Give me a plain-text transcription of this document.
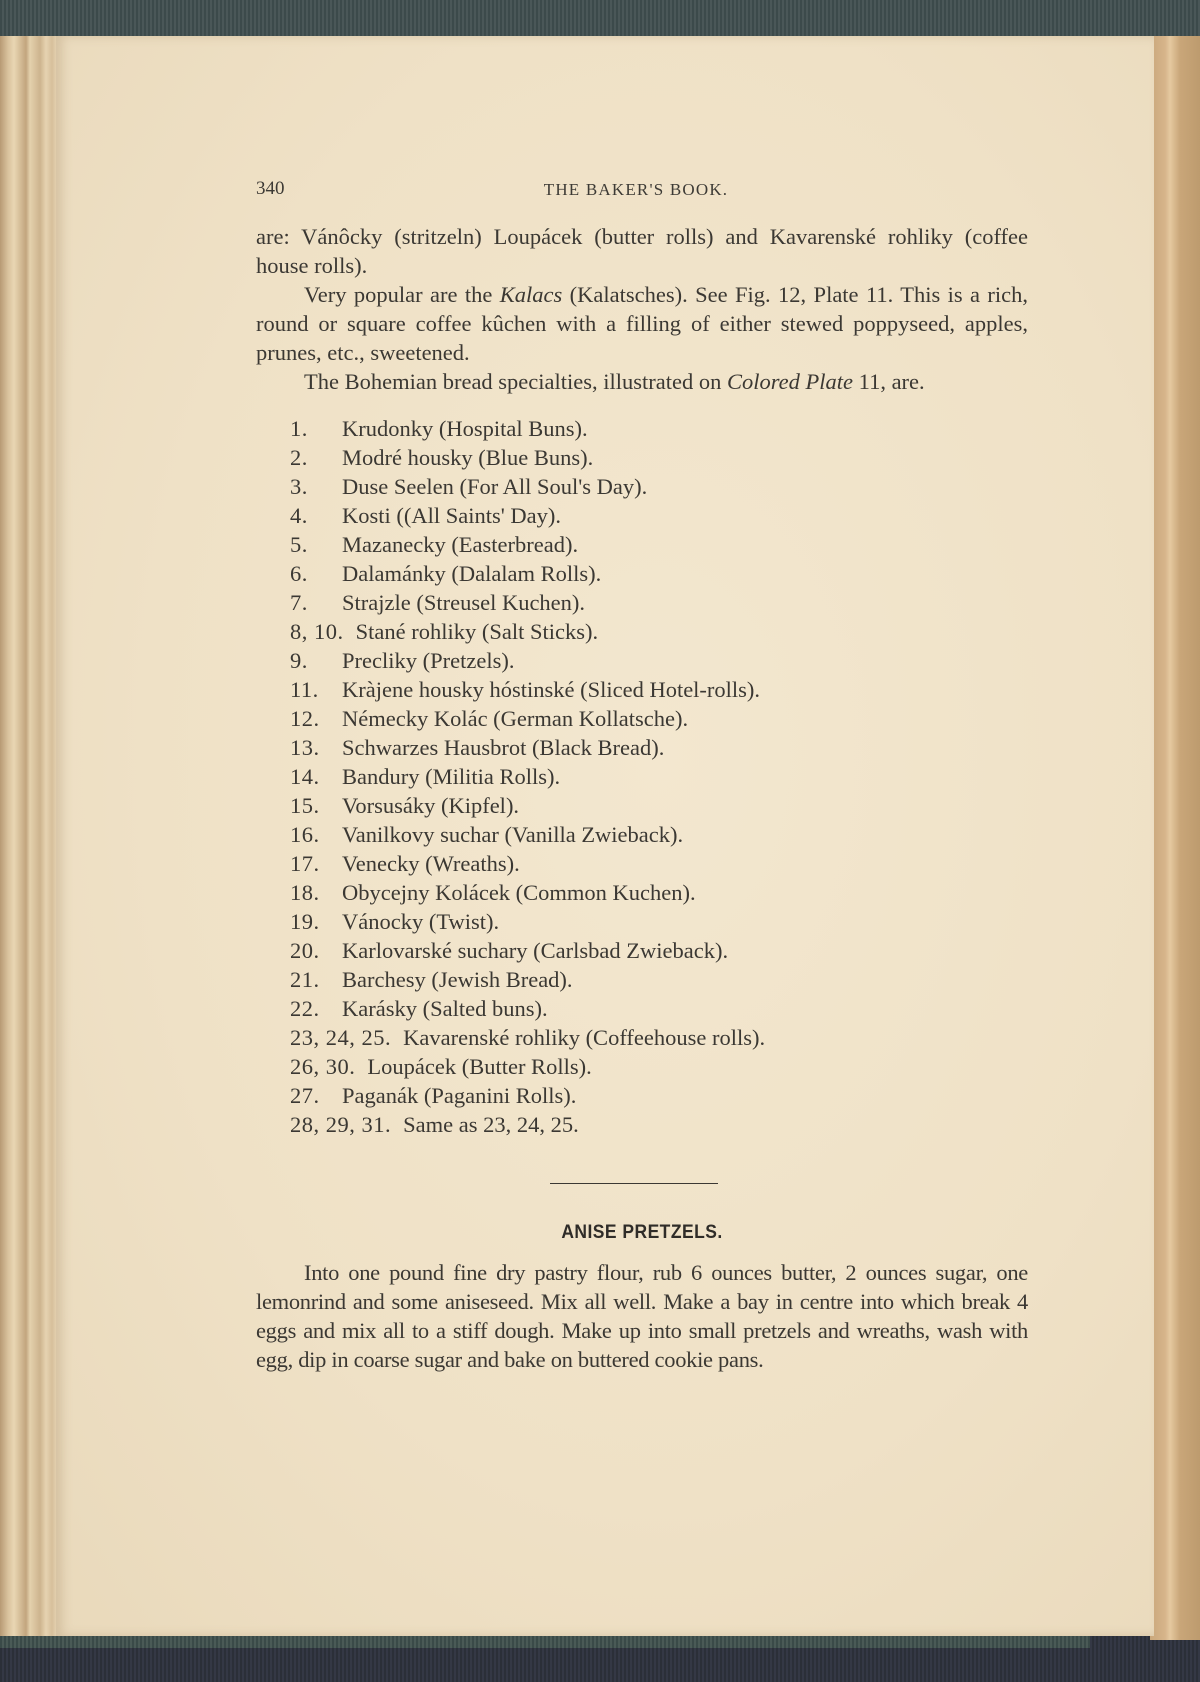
340	THE BAKER'S BOOK.
are: Vánôcky (stritzeln) Loupácek (butter rolls) and Kavarenské rohliky (coffee house rolls).
Very popular are the Kalacs (Kalatsches). See Fig. 12, Plate 11. This is a rich, round or square coffee kûchen with a filling of either stewed poppyseed, apples, prunes, etc., sweetened.
The Bohemian bread specialties, illustrated on Colored Plate 11, are.
1. Krudonky (Hospital Buns).
2. Modré housky (Blue Buns).
3. Duse Seelen (For All Soul's Day).
4. Kosti ((All Saints' Day).
5. Mazanecky (Easterbread).
6. Dalamánky (Dalalam Rolls).
7. Strajzle (Streusel Kuchen).
8, 10. Stané rohliky (Salt Sticks).
9. Precliky (Pretzels).
11. Kràjene housky hóstinské (Sliced Hotel-rolls).
12. Némecky Kolác (German Kollatsche).
13. Schwarzes Hausbrot (Black Bread).
14. Bandury (Militia Rolls).
15. Vorsusáky (Kipfel).
16. Vanilkovy suchar (Vanilla Zwieback).
17. Venecky (Wreaths).
18. Obycejny Kolácek (Common Kuchen).
19. Vánocky (Twist).
20. Karlovarské suchary (Carlsbad Zwieback).
21. Barchesy (Jewish Bread).
22. Karásky (Salted buns).
23, 24, 25. Kavarenské rohliky (Coffeehouse rolls).
26, 30. Loupácek (Butter Rolls).
27. Paganák (Paganini Rolls).
28, 29, 31. Same as 23, 24, 25.
ANISE PRETZELS.
Into one pound fine dry pastry flour, rub 6 ounces butter, 2 ounces sugar, one lemonrind and some aniseseed. Mix all well. Make a bay in centre into which break 4 eggs and mix all to a stiff dough. Make up into small pretzels and wreaths, wash with egg, dip in coarse sugar and bake on buttered cookie pans.
